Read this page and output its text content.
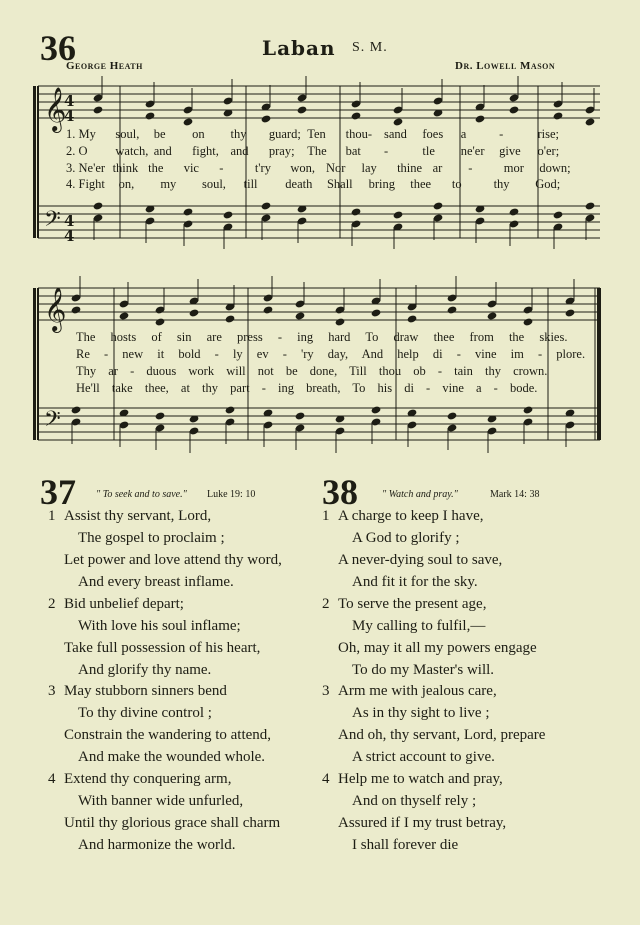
36	Laban S. M.
George Heath	Dr. Lowell Mason
𝄞
𝄞
𝄢
𝄢
4
4
4
4
1. My soul, be on thy guard; Ten thou- sand foes a	-	rise;
2. O watch, and fight, and pray; The bat -	tle ne'er give o'er;
3. Ne'er think the vic -	t'ry won, Nor lay thine ar -	mor down;
4. Fight on, my soul, till death Shall bring thee to	thy God;
The hosts of sin are press - ing hard To draw thee from the skies.
Re - new it bold - ly ev - 'ry day, And help di - vine im - plore.
Thy ar - duous work will not be done, Till thou ob - tain thy crown.
He'll take thee, at thy part - ing breath, To his di - vine a - bode.
37 " To seek and to save." Luke 19: 10
1 Assist thy servant, Lord,
The gospel to proclaim ;
Let power and love attend thy word,
And every breast inflame.
2 Bid unbelief depart;
With love his soul inflame;
Take full possession of his heart,
And glorify thy name.
3 May stubborn sinners bend
To thy divine control ;
Constrain the wandering to attend,
And make the wounded whole.
4 Extend thy conquering arm,
With banner wide unfurled,
Until thy glorious grace shall charm
And harmonize the world.
38 " Watch and pray."	Mark 14: 38
1 A charge to keep I have,
A God to glorify ;
A never-dying soul to save,
And fit it for the sky.
2 To serve the present age,
My calling to fulfil,—
Oh, may it all my powers engage
To do my Master's will.
3 Arm me with jealous care,
As in thy sight to live ;
And oh, thy servant, Lord, prepare
A strict account to give.
4 Help me to watch and pray,
And on thyself rely ;
Assured if I my trust betray,
I shall forever die
